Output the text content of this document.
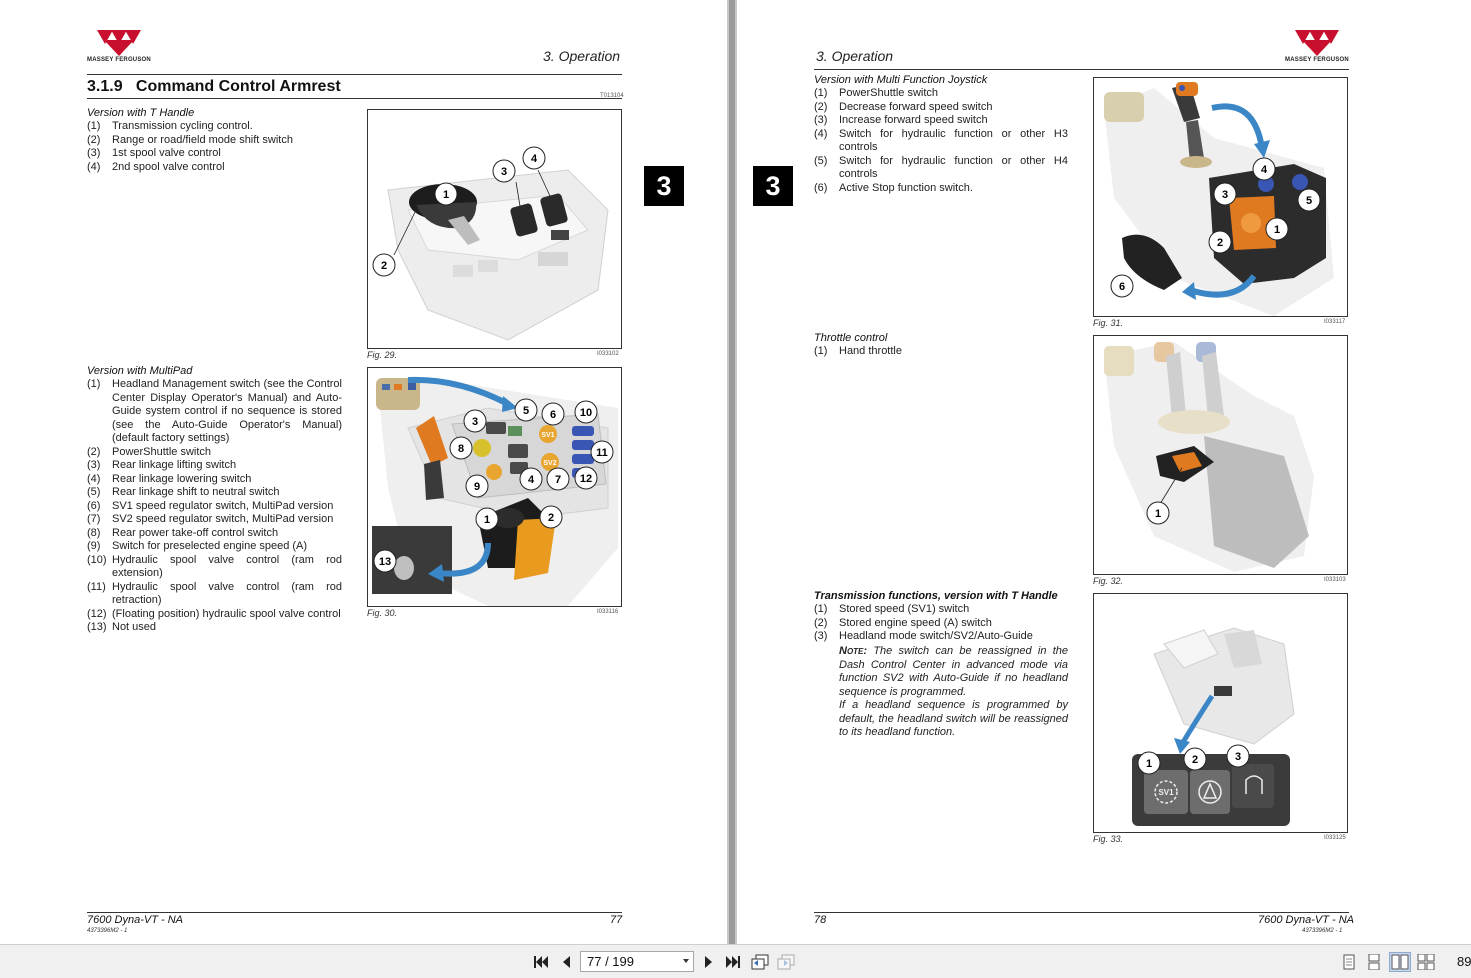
MASSEY FERGUSON	3. Operation
3.1.9   Command Control Armrest
T013104
3
Version with T Handle
(1)	Transmission cycling control.
(2)	Range or road/field mode shift switch
(3)	1st spool valve control
(4)	2nd spool valve control
1
2
3
4
Fig. 29.	I033102
Version with MultiPad
(1)	Headland Management switch (see the Control Center Display Operator's Manual) and Auto-Guide system control if no sequence is stored (see the Auto-Guide Operator's Manual) (default factory settings)
(2)	PowerShuttle switch
(3)	Rear linkage lifting switch
(4)	Rear linkage lowering switch
(5)	Rear linkage shift to neutral switch
(6)	SV1 speed regulator switch, MultiPad version
(7)	SV2 speed regulator switch, MultiPad version
(8)	Rear power take-off control switch
(9)	Switch for preselected engine speed (A)
(10) Hydraulic spool valve control (ram rod extension)
(11) Hydraulic spool valve control (ram rod retraction)
(12) (Floating position) hydraulic spool valve control
(13) Not used
SV1
SV2
3
5 6 10
8	11
9
4 7 12
1	2
13
Fig. 30.	I033116
7600 Dyna-VT - NA
4373396M2 - 1
77
3. Operation	MASSEY FERGUSON
3
Version with Multi Function Joystick
(1)	PowerShuttle switch
(2)	Decrease forward speed switch
(3)	Increase forward speed switch
(4)	Switch for hydraulic function or other H3 controls
(5)	Switch for hydraulic function or other H4 controls
(6)	Active Stop function switch.
4
3	5
1
2
6
Fig. 31.	I033117
Throttle control
(1)	Hand throttle
1
Fig. 32.	I033103
Transmission functions, version with T Handle
(1)	Stored speed (SV1) switch
(2)	Stored engine speed (A) switch
(3)	Headland mode switch/SV2/Auto-Guide
Note: The switch can be reassigned in the Dash Control Center in advanced mode via function SV2 with Auto-Guide if no headland sequence is programmed.
If a headland sequence is programmed by default, the headland switch will be reassigned to its headland function.
SV1
1	2	3
Fig. 33.	I033125
78	7600 Dyna-VT - NA
4373396M2 - 1
77 / 199	89
